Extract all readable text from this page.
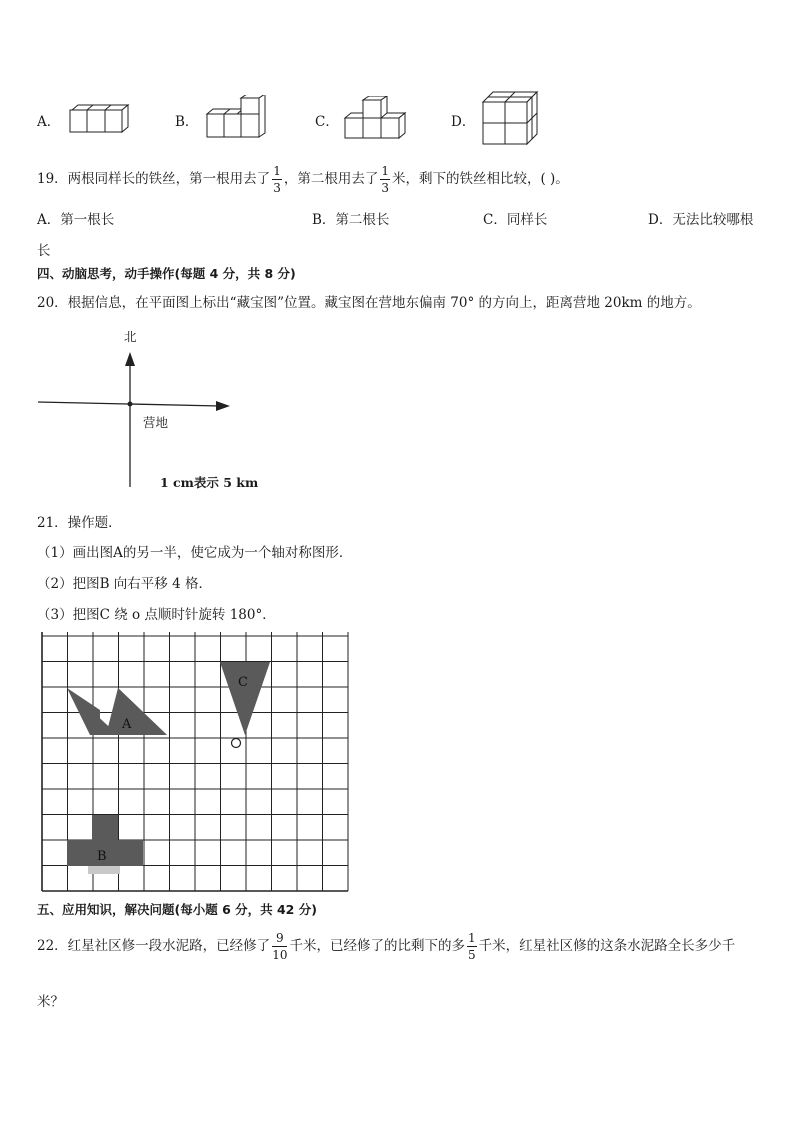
A．	B．	C．	D．
19．两根同样长的铁丝，第一根用去了 $\frac{1}{3}$ ，第二根用去了 $\frac{1}{3}$ 米，剩下的铁丝相比较，( )。
A．第一根长	B．第二根长	C．同样长	D．无法比较哪根
长
四、动脑思考，动手操作(每题 4 分，共 8 分)
20．根据信息，在平面图上标出“藏宝图”位置。藏宝图在营地东偏南 70° 的方向上，距离营地 20km 的地方。
北
营地
1 cm表示 5 km
21．操作题．
（1）画出图A的另一半，使它成为一个轴对称图形．
（2）把图B 向右平移 4 格．
（3）把图C 绕 o 点顺时针旋转 180°．
A
B
C
五、应用知识，解决问题(每小题 6 分，共 42 分)
22．红星社区修一段水泥路，已经修了 $\frac{9}{10}$ 千米，已经修了的比剩下的多 $\frac{1}{5}$ 千米，红星社区修的这条水泥路全长多少千
米？
